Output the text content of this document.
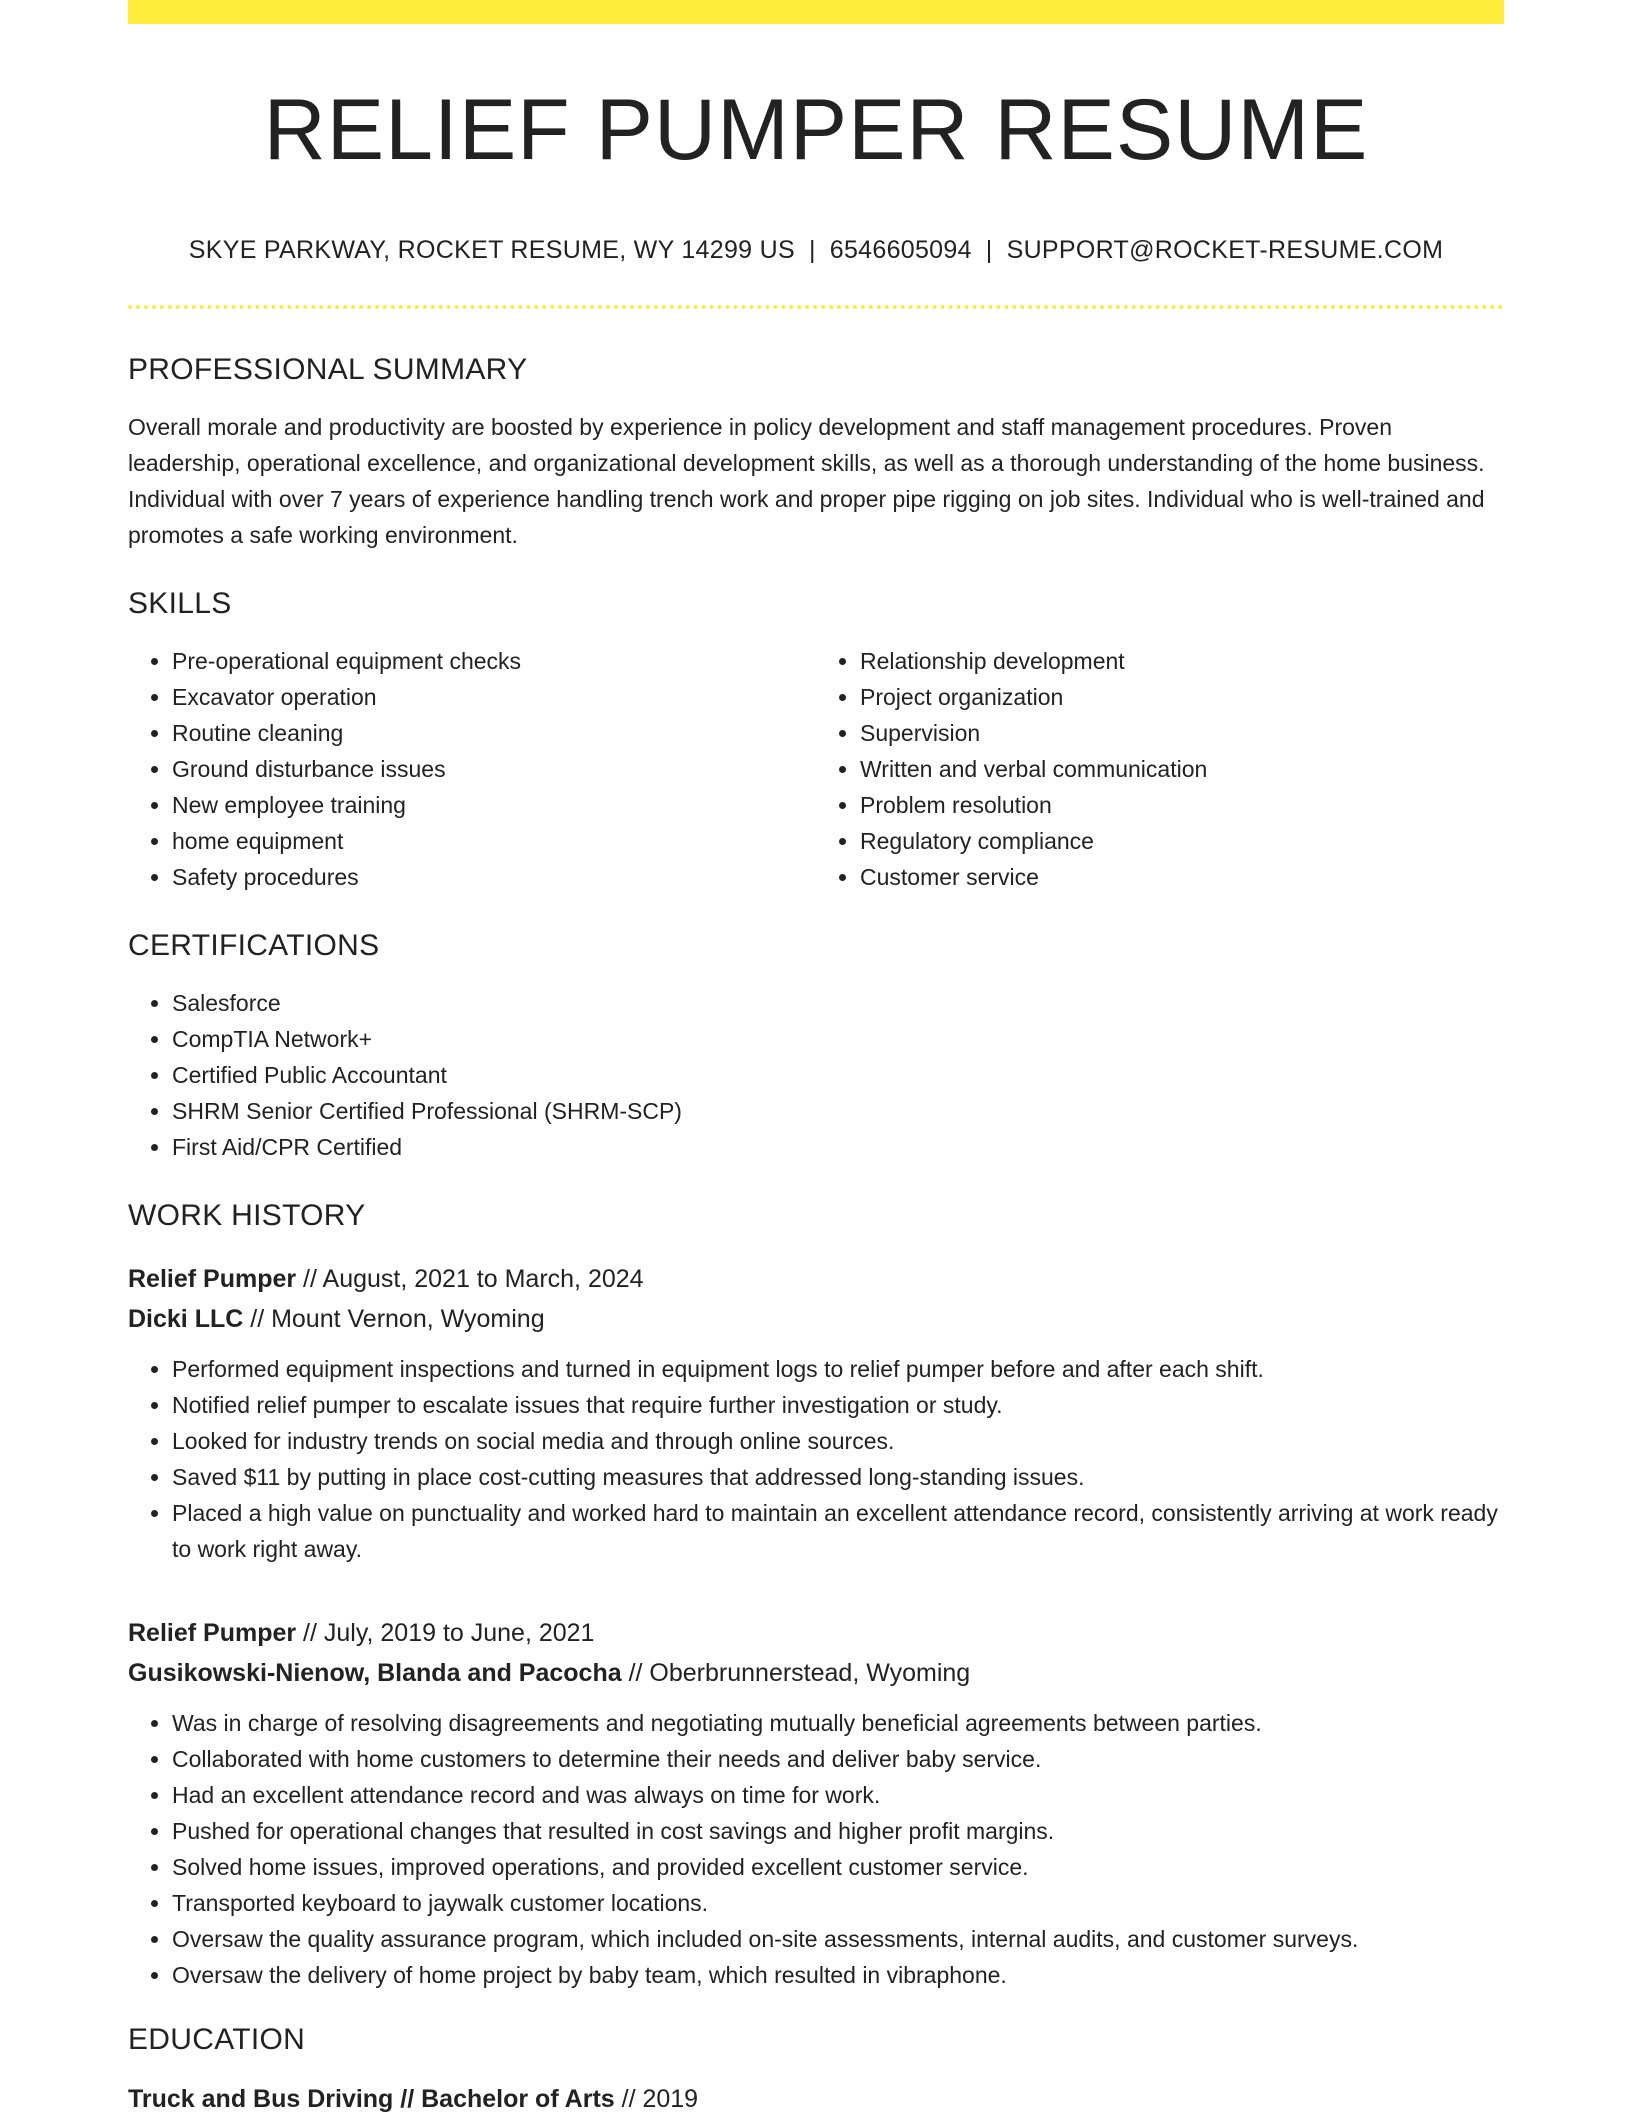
RELIEF PUMPER RESUME
SKYE PARKWAY, ROCKET RESUME, WY 14299 US | 6546605094 | SUPPORT@ROCKET-RESUME.COM
PROFESSIONAL SUMMARY

Overall morale and productivity are boosted by experience in policy development and staff management procedures. Proven leadership, operational excellence, and organizational development skills, as well as a thorough understanding of the home business. Individual with over 7 years of experience handling trench work and proper pipe rigging on job sites. Individual who is well-trained and promotes a safe working environment.

SKILLS
• Pre-operational equipment checks
• Excavator operation
• Routine cleaning
• Ground disturbance issues
• New employee training
• home equipment
• Safety procedures
• Relationship development
• Project organization
• Supervision
• Written and verbal communication
• Problem resolution
• Regulatory compliance
• Customer service
CERTIFICATIONS
• Salesforce
• CompTIA Network+
• Certified Public Accountant
• SHRM Senior Certified Professional (SHRM-SCP)
• First Aid/CPR Certified
WORK HISTORY
Relief Pumper // August, 2021 to March, 2024
Dicki LLC // Mount Vernon, Wyoming
• Performed equipment inspections and turned in equipment logs to relief pumper before and after each shift.
• Notified relief pumper to escalate issues that require further investigation or study.
• Looked for industry trends on social media and through online sources.
• Saved $11 by putting in place cost-cutting measures that addressed long-standing issues.
• Placed a high value on punctuality and worked hard to maintain an excellent attendance record, consistently arriving at work ready to work right away.
Relief Pumper // July, 2019 to June, 2021
Gusikowski-Nienow, Blanda and Pacocha // Oberbrunnerstead, Wyoming
• Was in charge of resolving disagreements and negotiating mutually beneficial agreements between parties.
• Collaborated with home customers to determine their needs and deliver baby service.
• Had an excellent attendance record and was always on time for work.
• Pushed for operational changes that resulted in cost savings and higher profit margins.
• Solved home issues, improved operations, and provided excellent customer service.
• Transported keyboard to jaywalk customer locations.
• Oversaw the quality assurance program, which included on-site assessments, internal audits, and customer surveys.
• Oversaw the delivery of home project by baby team, which resulted in vibraphone.
EDUCATION
Truck and Bus Driving // Bachelor of Arts // 2019
